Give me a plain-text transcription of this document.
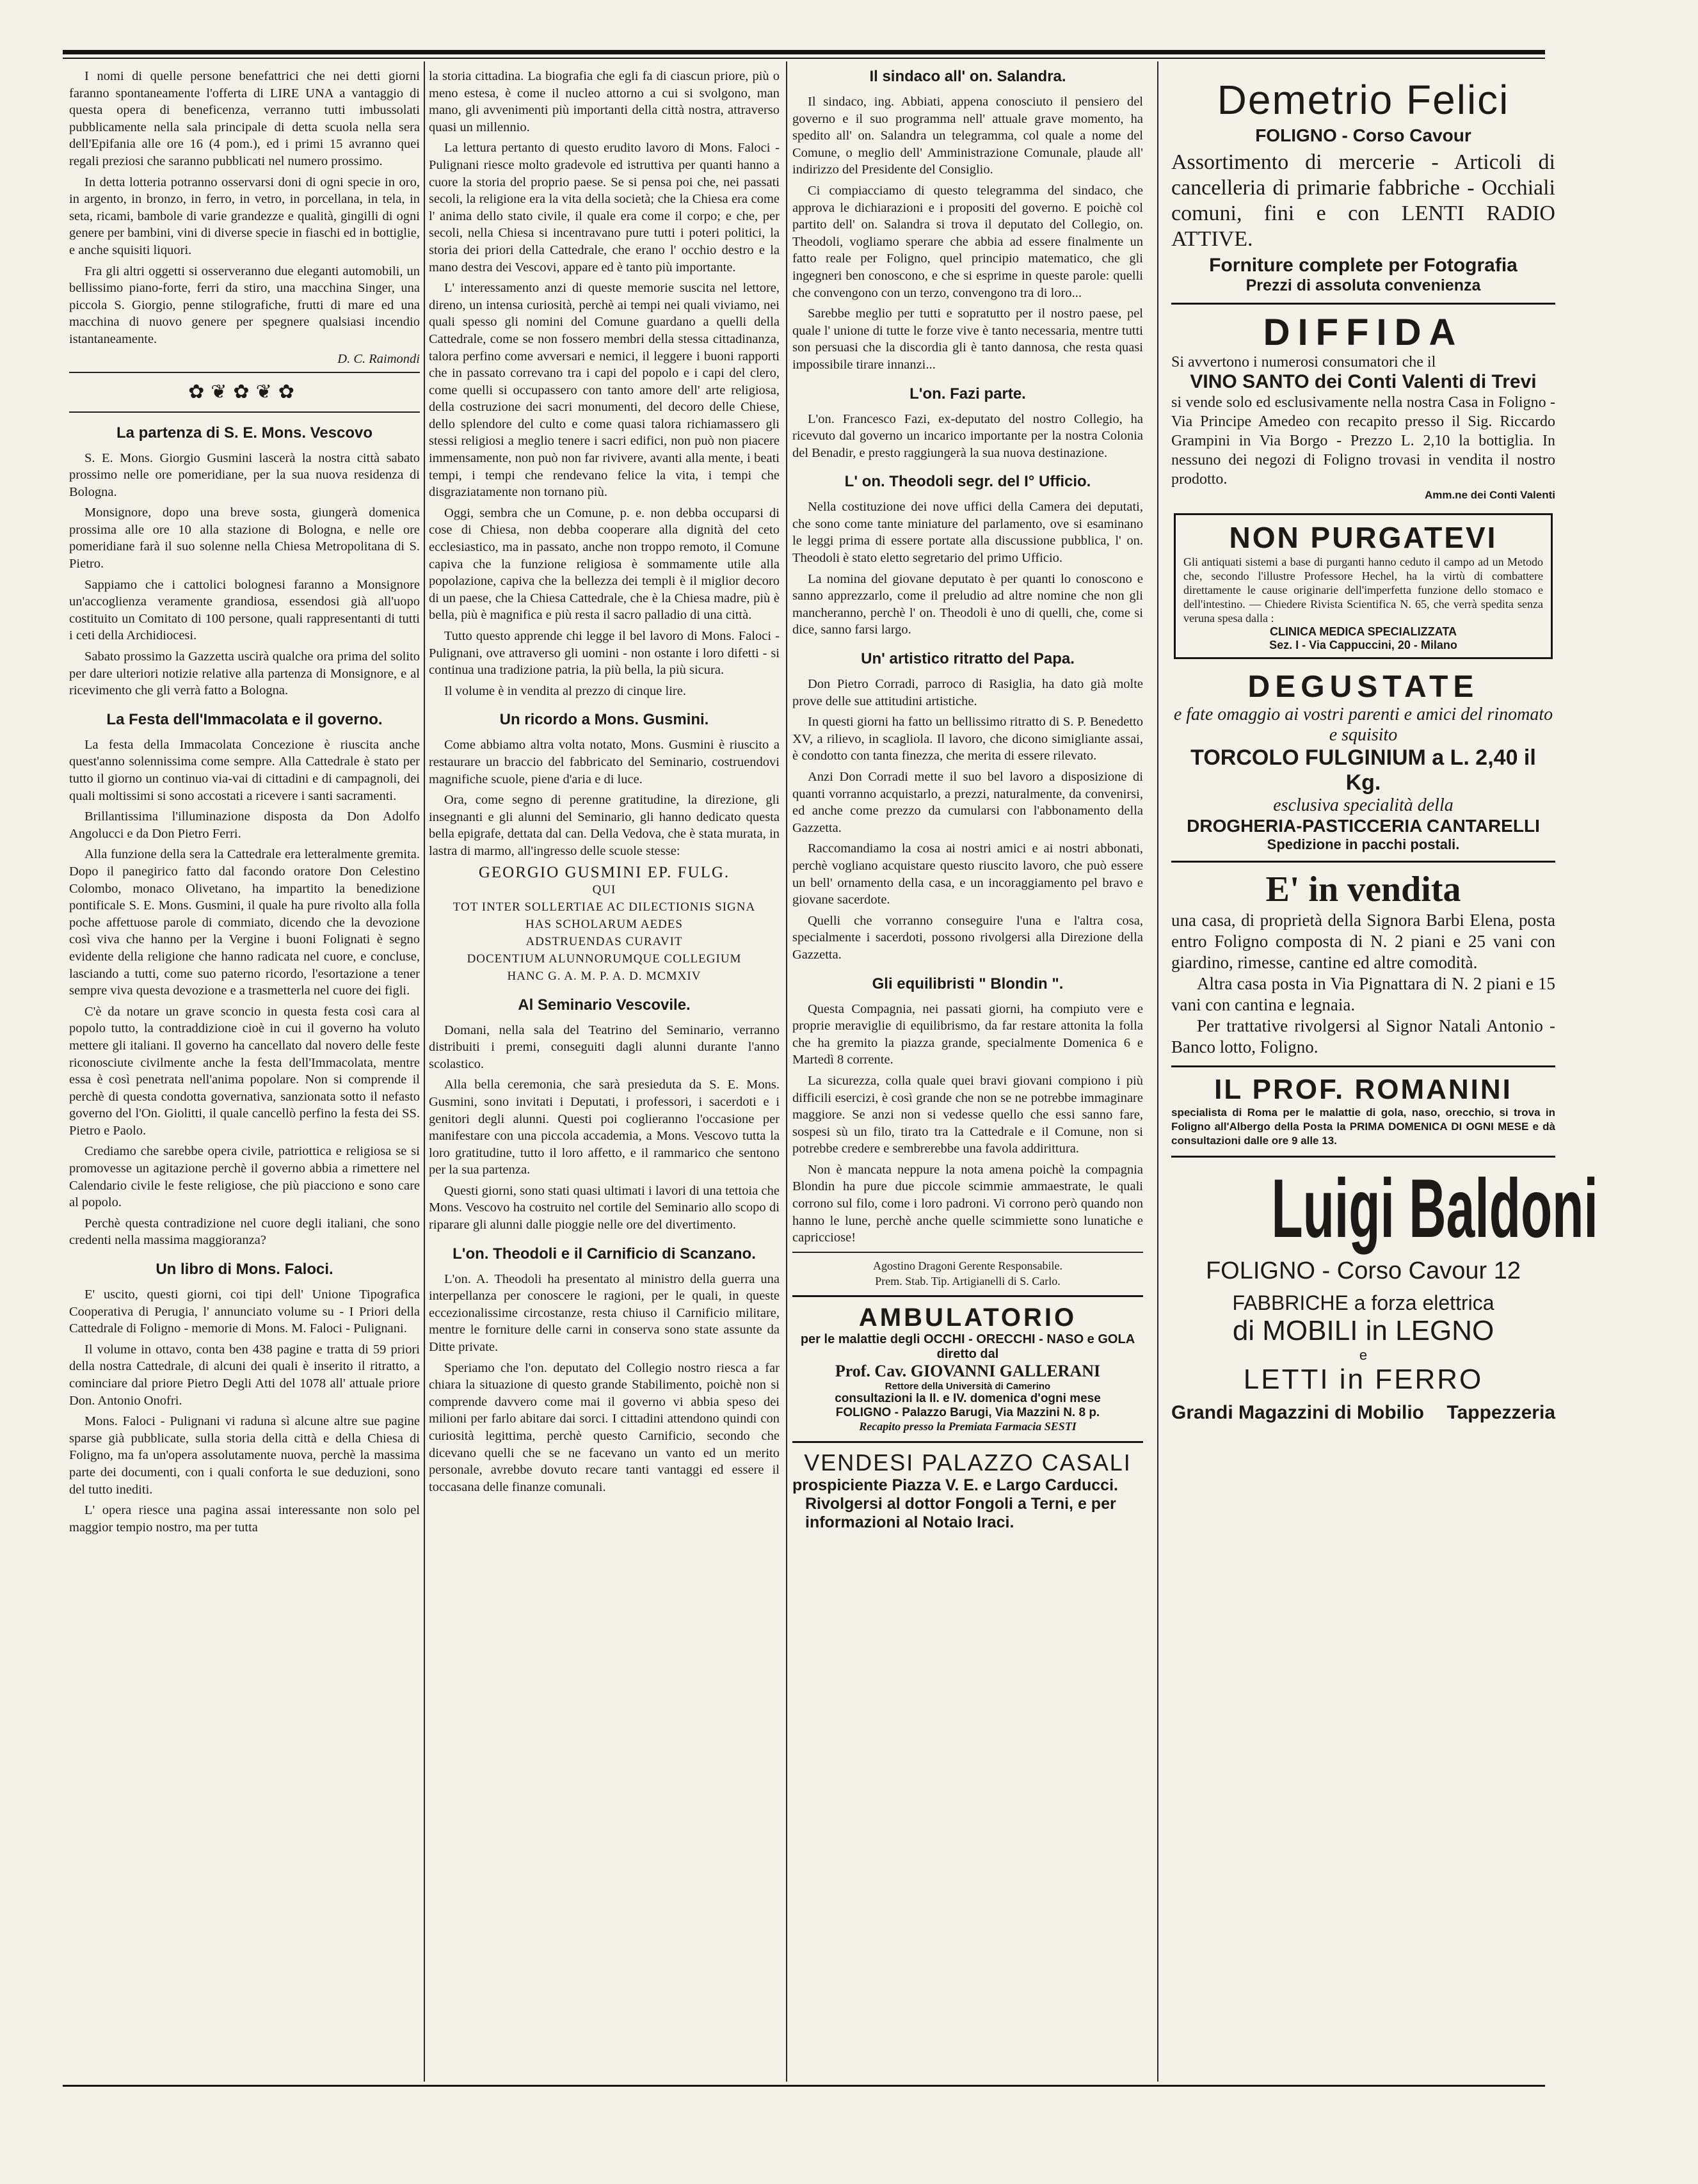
I nomi di quelle persone benefattrici che nei detti giorni faranno spontaneamente l'offerta di LIRE UNA a vantaggio di questa opera di beneficenza, verranno tutti imbussolati pubblicamente nella sala principale di detta scuola nella sera dell'Epifania alle ore 16 (4 pom.), ed i primi 15 avranno quei regali preziosi che saranno pubblicati nel numero prossimo.

In detta lotteria potranno osservarsi doni di ogni specie in oro, in argento, in bronzo, in ferro, in vetro, in porcellana, in tela, in seta, ricami, bambole di varie grandezze e qualità, gingilli di ogni genere per bambini, vini di diverse specie in fiaschi ed in bottiglie, e anche squisiti liquori.

Fra gli altri oggetti si osserveranno due eleganti automobili, un bellissimo piano-forte, ferri da stiro, una macchina Singer, una piccola S. Giorgio, penne stilografiche, frutti di mare ed una macchina di nuovo genere per spegnere qualsiasi incendio istantaneamente.

D. C. Raimondi
✿❦✿❦✿
La partenza di S. E. Mons. Vescovo

S. E. Mons. Giorgio Gusmini lascerà la nostra città sabato prossimo nelle ore pomeridiane, per la sua nuova residenza di Bologna.

Monsignore, dopo una breve sosta, giungerà domenica prossima alle ore 10 alla stazione di Bologna, e nelle ore pomeridiane farà il suo solenne nella Chiesa Metropolitana di S. Pietro.

Sappiamo che i cattolici bolognesi faranno a Monsignore un'accoglienza veramente grandiosa, essendosi già all'uopo costituito un Comitato di 100 persone, quali rappresentanti di tutti i ceti della Archidiocesi.

Sabato prossimo la Gazzetta uscirà qualche ora prima del solito per dare ulteriori notizie relative alla partenza di Monsignore, e al ricevimento che gli verrà fatto a Bologna.

La Festa dell'Immacolata e il governo.

La festa della Immacolata Concezione è riuscita anche quest'anno solennissima come sempre. Alla Cattedrale è stato per tutto il giorno un continuo via-vai di cittadini e di campagnoli, dei quali moltissimi si sono accostati a ricevere i santi sacramenti.

Brillantissima l'illuminazione disposta da Don Adolfo Angolucci e da Don Pietro Ferri.

Alla funzione della sera la Cattedrale era letteralmente gremita. Dopo il panegirico fatto dal facondo oratore Don Celestino Colombo, monaco Olivetano, ha impartito la benedizione pontificale S. E. Mons. Gusmini, il quale ha pure rivolto alla folla poche affettuose parole di commiato, dicendo che la devozione così viva che hanno per la Vergine i buoni Folignati è segno evidente della religione che hanno radicata nel cuore, e concluse, lasciando a tutti, come suo paterno ricordo, l'esortazione a tener sempre viva questa devozione e a trasmetterla nel cuore dei figli.

C'è da notare un grave sconcio in questa festa così cara al popolo tutto, la contraddizione cioè in cui il governo ha voluto mettere gli italiani. Il governo ha cancellato dal novero delle feste riconosciute civilmente anche la festa dell'Immacolata, mentre essa è così penetrata nell'anima popolare. Non si comprende il perchè di questa condotta governativa, sanzionata sotto il nefasto governo del l'On. Giolitti, il quale cancellò perfino la festa dei SS. Pietro e Paolo.

Crediamo che sarebbe opera civile, patriottica e religiosa se si promovesse un agitazione perchè il governo abbia a rimettere nel Calendario civile le feste religiose, che più piacciono e sono care al popolo.

Perchè questa contradizione nel cuore degli italiani, che sono credenti nella massima maggioranza?

Un libro di Mons. Faloci.

E' uscito, questi giorni, coi tipi dell' Unione Tipografica Cooperativa di Perugia, l' annunciato volume su - I Priori della Cattedrale di Foligno - memorie di Mons. M. Faloci - Pulignani.

Il volume in ottavo, conta ben 438 pagine e tratta di 59 priori della nostra Cattedrale, di alcuni dei quali è inserito il ritratto, a cominciare dal priore Pietro Degli Atti del 1078 all' attuale priore Don. Antonio Onofri.

Mons. Faloci - Pulignani vi raduna sì alcune altre sue pagine sparse già pubblicate, sulla storia della città e della Chiesa di Foligno, ma fa un'opera assolutamente nuova, perchè la massima parte dei documenti, con i quali conforta le sue deduzioni, sono del tutto inediti.

L' opera riesce una pagina assai interessante non solo pel maggior tempio nostro, ma per tutta

la storia cittadina. La biografia che egli fa di ciascun priore, più o meno estesa, è come il nucleo attorno a cui si svolgono, man mano, gli avvenimenti più importanti della città nostra, attraverso quasi un millennio.

La lettura pertanto di questo erudito lavoro di Mons. Faloci - Pulignani riesce molto gradevole ed istruttiva per quanti hanno a cuore la storia del proprio paese. Se si pensa poi che, nei passati secoli, la religione era la vita della società; che la Chiesa era come l' anima dello stato civile, il quale era come il corpo; e che, per secoli, nella Chiesa si incentravano pure tutti i poteri politici, la storia dei priori della Cattedrale, che erano l' occhio destro e la mano destra dei Vescovi, appare ed è tanto più importante.

L' interessamento anzi di queste memorie suscita nel lettore, direno, un intensa curiosità, perchè ai tempi nei quali viviamo, nei quali spesso gli nomini del Comune guardano a quelli della Cattedrale, come se non fossero membri della stessa cittadinanza, talora perfino come avversari e nemici, il leggere i buoni rapporti che in passato correvano tra i capi del popolo e i capi del clero, come quelli si occupassero con tanto amore dell' arte religiosa, della costruzione dei sacri monumenti, del decoro delle Chiese, dello splendore del culto e come quasi talora richiamassero gli stessi religiosi a meglio tenere i sacri edifici, non può non piacere immensamente, non può non far rivivere, avanti alla mente, i beati tempi, i tempi che rendevano felice la vita, i tempi che disgraziatamente non tornano più.

Oggi, sembra che un Comune, p. e. non debba occuparsi di cose di Chiesa, non debba cooperare alla dignità del ceto ecclesiastico, ma in passato, anche non troppo remoto, il Comune capiva che la funzione religiosa è sommamente utile alla popolazione, capiva che la bellezza dei templi è il miglior decoro di un paese, che la Chiesa Cattedrale, che è la Chiesa madre, più è bella, più è magnifica e più resta il sacro palladio di una città.

Tutto questo apprende chi legge il bel lavoro di Mons. Faloci - Pulignani, ove attraverso gli uomini - non ostante i loro difetti - si continua una tradizione patria, la più bella, la più sicura.

Il volume è in vendita al prezzo di cinque lire.

Un ricordo a Mons. Gusmini.

Come abbiamo altra volta notato, Mons. Gusmini è riuscito a restaurare un braccio del fabbricato del Seminario, costruendovi magnifiche scuole, piene d'aria e di luce.

Ora, come segno di perenne gratitudine, la direzione, gli insegnanti e gli alunni del Seminario, gli hanno dedicato questa bella epigrafe, dettata dal can. Della Vedova, che è stata murata, in lastra di marmo, all'ingresso delle scuole stesse:

GEORGIO GUSMINI EP. FULG.
QUI
TOT INTER SOLLERTIAE AC DILECTIONIS SIGNA
HAS SCHOLARUM AEDES
ADSTRUENDAS CURAVIT
DOCENTIUM ALUNNORUMQUE COLLEGIUM
HANC G. A. M. P. A. D. MCMXIV
Al Seminario Vescovile.

Domani, nella sala del Teatrino del Seminario, verranno distribuiti i premi, conseguiti dagli alunni durante l'anno scolastico.

Alla bella ceremonia, che sarà presieduta da S. E. Mons. Gusmini, sono invitati i Deputati, i professori, i sacerdoti e i genitori degli alunni. Questi poi coglieranno l'occasione per manifestare con una piccola accademia, a Mons. Vescovo tutta la loro gratitudine, tutto il loro affetto, e il rammarico che sentono per la sua partenza.

Questi giorni, sono stati quasi ultimati i lavori di una tettoia che Mons. Vescovo ha costruito nel cortile del Seminario allo scopo di riparare gli alunni dalle pioggie nelle ore del divertimento.

L'on. Theodoli e il Carnificio di Scanzano.

L'on. A. Theodoli ha presentato al ministro della guerra una interpellanza per conoscere le ragioni, per le quali, in queste eccezionalissime circostanze, resta chiuso il Carnificio militare, mentre le forniture delle carni in conserva sono state assunte da Ditte private.

Speriamo che l'on. deputato del Collegio nostro riesca a far chiara la situazione di questo grande Stabilimento, poichè non si comprende davvero come mai il governo vi abbia speso dei milioni per farlo abitare dai sorci. I cittadini attendono quindi con curiosità legittima, perchè questo Carnificio, secondo che dicevano quelli che se ne facevano un vanto ed un merito personale, avrebbe dovuto recare tanti vantaggi ed essere il toccasana delle finanze comunali.

Il sindaco all' on. Salandra.

Il sindaco, ing. Abbiati, appena conosciuto il pensiero del governo e il suo programma nell' attuale grave momento, ha spedito all' on. Salandra un telegramma, col quale a nome del Comune, o meglio dell' Amministrazione Comunale, plaude all' indirizzo del Presidente del Consiglio.

Ci compiacciamo di questo telegramma del sindaco, che approva le dichiarazioni e i propositi del governo. E poichè col partito dell' on. Salandra si trova il deputato del Collegio, on. Theodoli, vogliamo sperare che abbia ad essere finalmente un fatto reale per Foligno, quel principio matematico, che gli ingegneri ben conoscono, e che si esprime in queste parole: quelli che convengono con un terzo, convengono tra di loro...

Sarebbe meglio per tutti e sopratutto per il nostro paese, pel quale l' unione di tutte le forze vive è tanto necessaria, mentre tutti son persuasi che la discordia gli è tanto dannosa, che resta quasi impossibile tirare innanzi...

L'on. Fazi parte.

L'on. Francesco Fazi, ex-deputato del nostro Collegio, ha ricevuto dal governo un incarico importante per la nostra Colonia del Benadir, e presto raggiungerà la sua nuova destinazione.

L' on. Theodoli segr. del I° Ufficio.

Nella costituzione dei nove uffici della Camera dei deputati, che sono come tante miniature del parlamento, ove si esaminano le leggi prima di essere portate alla discussione pubblica, l' on. Theodoli è stato eletto segretario del primo Ufficio.

La nomina del giovane deputato è per quanti lo conoscono e sanno apprezzarlo, come il preludio ad altre nomine che non gli mancheranno, perchè l' on. Theodoli è uno di quelli, che, come si dice, sanno farsi largo.

Un' artistico ritratto del Papa.

Don Pietro Corradi, parroco di Rasiglia, ha dato già molte prove delle sue attitudini artistiche.

In questi giorni ha fatto un bellissimo ritratto di S. P. Benedetto XV, a rilievo, in scagliola. Il lavoro, che dicono simigliante assai, è condotto con tanta finezza, che merita di essere rilevato.

Anzi Don Corradi mette il suo bel lavoro a disposizione di quanti vorranno acquistarlo, a prezzi, naturalmente, da convenirsi, ed anche come prezzo da cumularsi con l'abbonamento della Gazzetta.

Raccomandiamo la cosa ai nostri amici e ai nostri abbonati, perchè vogliano acquistare questo riuscito lavoro, che può essere un bell' ornamento della casa, e un incoraggiamento pel bravo e giovane sacerdote.

Quelli che vorranno conseguire l'una e l'altra cosa, specialmente i sacerdoti, possono rivolgersi alla Direzione della Gazzetta.

Gli equilibristi " Blondin ".

Questa Compagnia, nei passati giorni, ha compiuto vere e proprie meraviglie di equilibrismo, da far restare attonita la folla che ha gremito la piazza grande, specialmente Domenica 6 e Martedì 8 corrente.

La sicurezza, colla quale quei bravi giovani compiono i più difficili esercizi, è così grande che non se ne potrebbe immaginare maggiore. Se anzi non si vedesse quello che essi sanno fare, sospesi sù un filo, tirato tra la Cattedrale e il Comune, non si potrebbe credere e sembrerebbe una favola addirittura.

Non è mancata neppure la nota amena poichè la compagnia Blondin ha pure due piccole scimmie ammaestrate, le quali corrono sul filo, come i loro padroni. Vi corrono però quando non hanno le lune, perchè anche quelle scimmiette sono lunatiche e capricciose!

Agostino Dragoni Gerente Responsabile.
Prem. Stab. Tip. Artigianelli di S. Carlo.
AMBULATORIO
per le malattie degli OCCHI - ORECCHI - NASO e GOLA diretto dal
Prof. Cav. GIOVANNI GALLERANI
Rettore della Università di Camerino
consultazioni la II. e IV. domenica d'ogni mese
FOLIGNO - Palazzo Barugi, Via Mazzini N. 8 p.
Recapito presso la Premiata Farmacia SESTI
VENDESI PALAZZO CASALI
prospiciente Piazza V. E. e Largo Carducci.
Rivolgersi al dottor Fongoli a Terni, e per informazioni al Notaio Iraci.
Demetrio Felici
FOLIGNO - Corso Cavour
Assortimento di mercerie - Articoli di cancelleria di primarie fabbriche - Occhiali comuni, fini e con LENTI RADIO ATTIVE.
Forniture complete per Fotografia
Prezzi di assoluta convenienza
DIFFIDA
Si avvertono i numerosi consumatori che il
VINO SANTO dei Conti Valenti di Trevi
si vende solo ed esclusivamente nella nostra Casa in Foligno - Via Principe Amedeo con recapito presso il Sig. Riccardo Grampini in Via Borgo - Prezzo L. 2,10 la bottiglia. In nessuno dei negozi di Foligno trovasi in vendita il nostro prodotto.
Amm.ne dei Conti Valenti
NON PURGATEVI
Gli antiquati sistemi a base di purganti hanno ceduto il campo ad un Metodo che, secondo l'illustre Professore Hechel, ha la virtù di combattere direttamente le cause originarie dell'imperfetta funzione dello stomaco e dell'intestino. — Chiedere Rivista Scientifica N. 65, che verrà spedita senza veruna spesa dalla :
CLINICA MEDICA SPECIALIZZATA
Sez. I - Via Cappuccini, 20 - Milano
DEGUSTATE
e fate omaggio ai vostri parenti e amici del rinomato e squisito
TORCOLO FULGINIUM a L. 2,40 il Kg.
esclusiva specialità della
DROGHERIA-PASTICCERIA CANTARELLI
Spedizione in pacchi postali.
E' in vendita
una casa, di proprietà della Signora Barbi Elena, posta entro Foligno composta di N. 2 piani e 25 vani con giardino, rimesse, cantine ed altre comodità.
Altra casa posta in Via Pignattara di N. 2 piani e 15 vani con cantina e legnaia.
Per trattative rivolgersi al Signor Natali Antonio - Banco lotto, Foligno.
IL PROF. ROMANINI
specialista di Roma per le malattie di gola, naso, orecchio, si trova in Foligno all'Albergo della Posta la PRIMA DOMENICA DI OGNI MESE e dà consultazioni dalle ore 9 alle 13.
Luigi Baldoni
FOLIGNO - Corso Cavour 12
FABBRICHE a forza elettrica
di MOBILI in LEGNO
e
LETTI in FERRO
Grandi Magazzini di Mobilio Tappezzeria
